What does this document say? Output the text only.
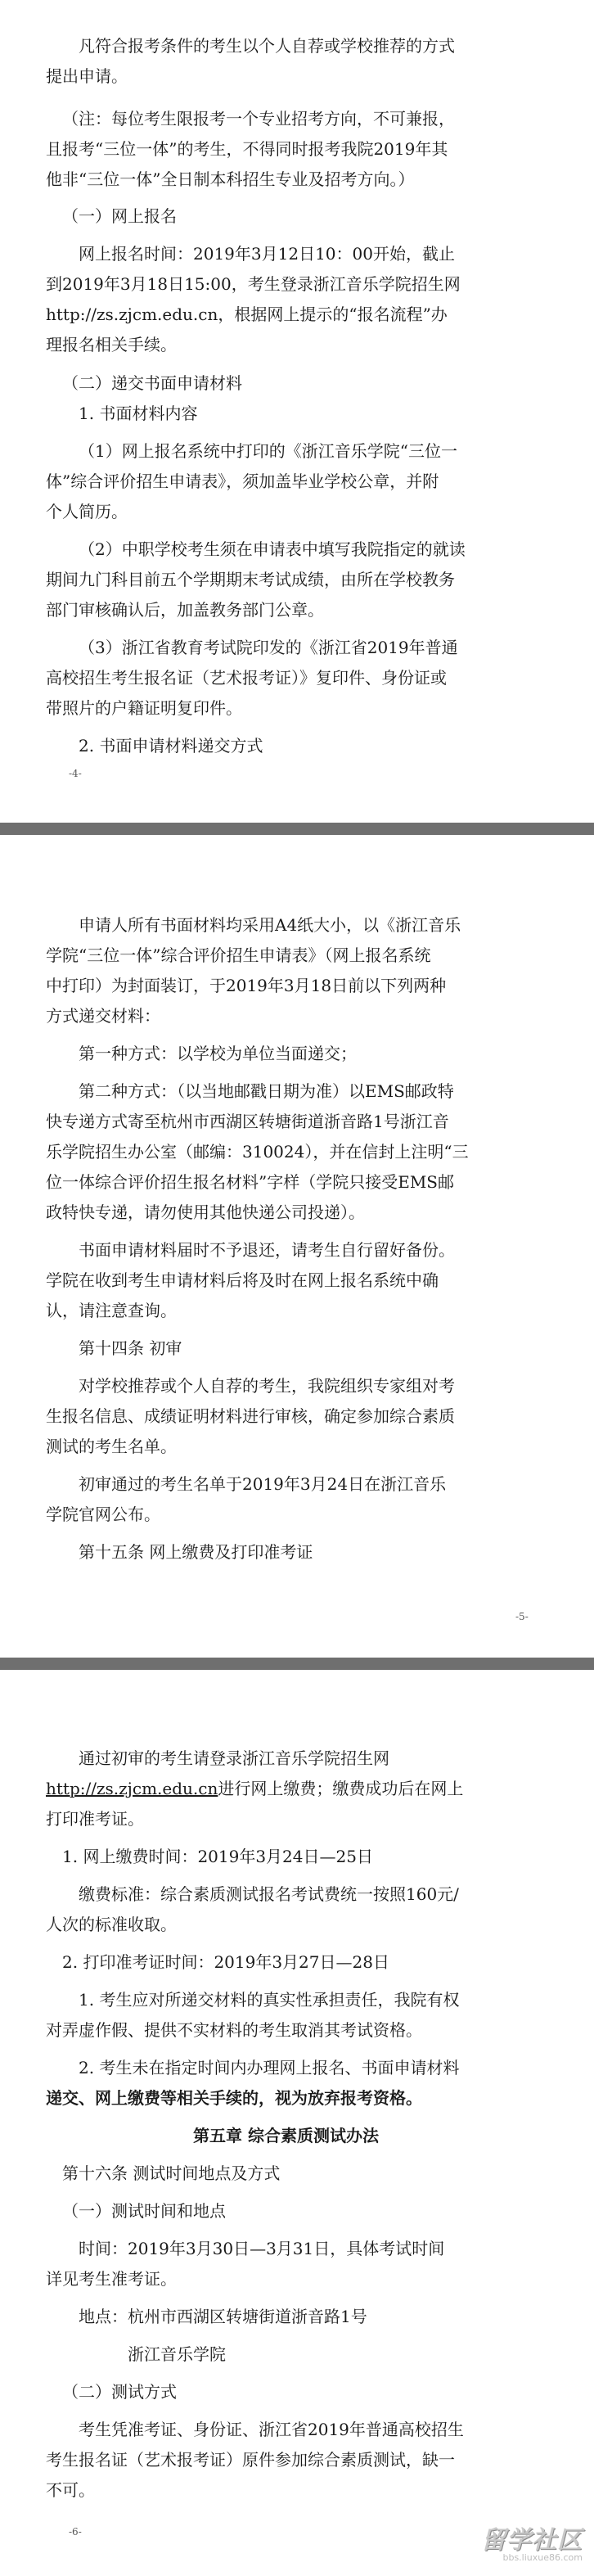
凡符合报考条件的考生以个人自荐或学校推荐的方式
提出申请。
（注：每位考生限报考一个专业招考方向，不可兼报，
且报考“三位一体”的考生，不得同时报考我院2019年其
他非“三位一体”全日制本科招生专业及招考方向。）
（一）网上报名
网上报名时间：2019年3月12日10：00开始，截止
到2019年3月18日15:00，考生登录浙江音乐学院招生网
http://zs.zjcm.edu.cn，根据网上提示的“报名流程”办
理报名相关手续。
（二）递交书面申请材料
1. 书面材料内容
（1）网上报名系统中打印的《浙江音乐学院“三位一
体”综合评价招生申请表》，须加盖毕业学校公章，并附
个人简历。
（2）中职学校考生须在申请表中填写我院指定的就读
期间九门科目前五个学期期末考试成绩，由所在学校教务
部门审核确认后，加盖教务部门公章。
（3）浙江省教育考试院印发的《浙江省2019年普通
高校招生考生报名证（艺术报考证）》复印件、身份证或
带照片的户籍证明复印件。
2. 书面申请材料递交方式
-4-
申请人所有书面材料均采用A4纸大小，以《浙江音乐
学院“三位一体”综合评价招生申请表》（网上报名系统
中打印）为封面装订，于2019年3月18日前以下列两种
方式递交材料：
第一种方式：以学校为单位当面递交；
第二种方式：（以当地邮戳日期为准）以EMS邮政特
快专递方式寄至杭州市西湖区转塘街道浙音路1号浙江音
乐学院招生办公室（邮编：310024），并在信封上注明“三
位一体综合评价招生报名材料”字样（学院只接受EMS邮
政特快专递，请勿使用其他快递公司投递）。
书面申请材料届时不予退还，请考生自行留好备份。
学院在收到考生申请材料后将及时在网上报名系统中确
认，请注意查询。
第十四条 初审
对学校推荐或个人自荐的考生，我院组织专家组对考
生报名信息、成绩证明材料进行审核，确定参加综合素质
测试的考生名单。
初审通过的考生名单于2019年3月24日在浙江音乐
学院官网公布。
第十五条 网上缴费及打印准考证
-5-
通过初审的考生请登录浙江音乐学院招生网
http://zs.zjcm.edu.cn进行网上缴费；缴费成功后在网上
打印准考证。
1. 网上缴费时间：2019年3月24日—25日
缴费标准：综合素质测试报名考试费统一按照160元/
人次的标准收取。
2. 打印准考证时间：2019年3月27日—28日
1. 考生应对所递交材料的真实性承担责任，我院有权
对弄虚作假、提供不实材料的考生取消其考试资格。
2. 考生未在指定时间内办理网上报名、书面申请材料
递交、网上缴费等相关手续的，视为放弃报考资格。
第五章 综合素质测试办法
第十六条 测试时间地点及方式
（一）测试时间和地点
时间：2019年3月30日—3月31日，具体考试时间
详见考生准考证。
地点：杭州市西湖区转塘街道浙音路1号
浙江音乐学院
（二）测试方式
考生凭准考证、身份证、浙江省2019年普通高校招生
考生报名证（艺术报考证）原件参加综合素质测试，缺一
不可。
-6-	留学社区
bbs.liuxue86.com
